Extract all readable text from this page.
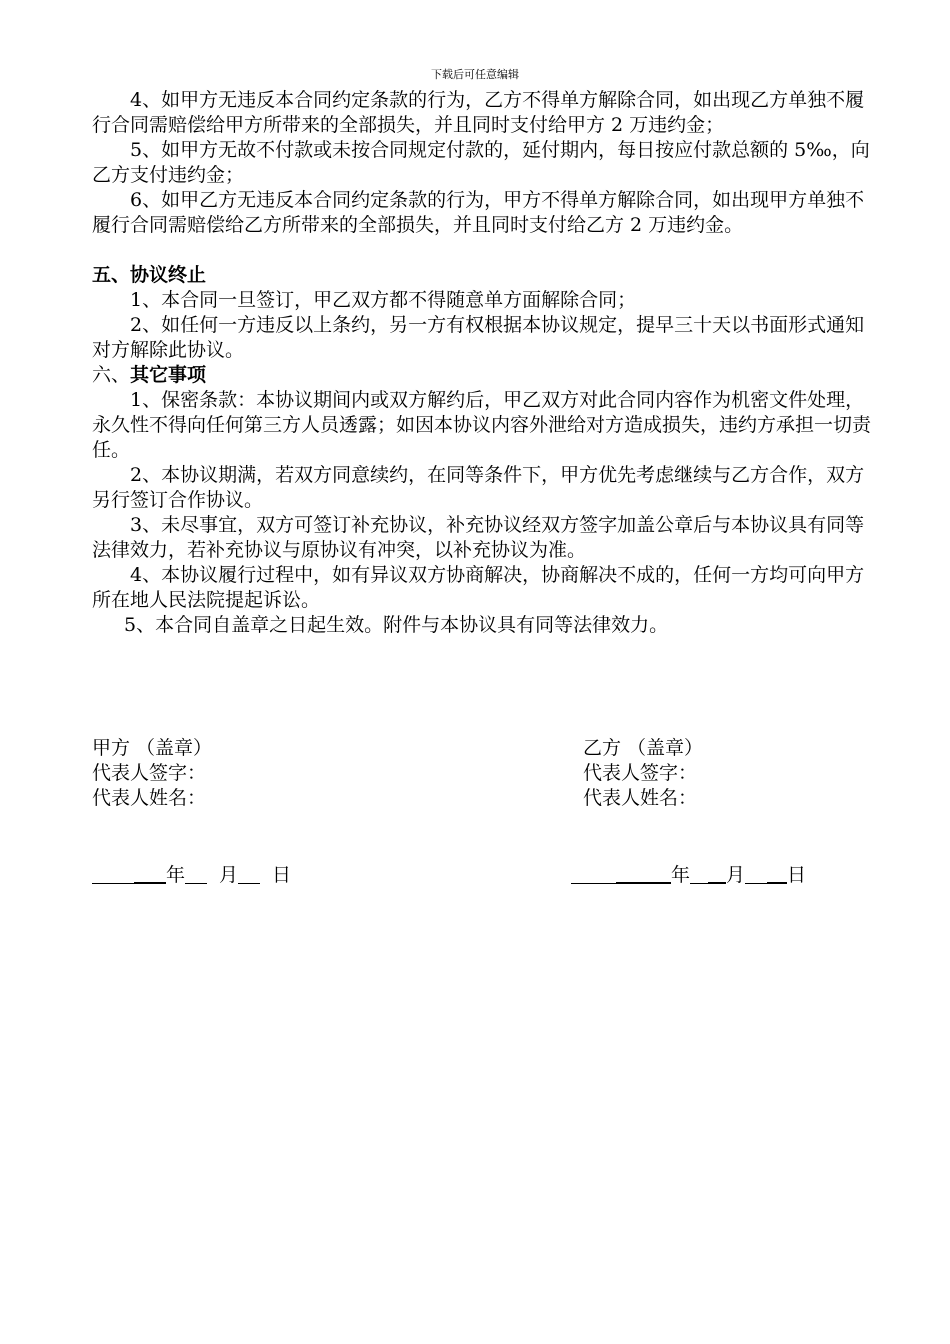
下载后可任意编辑

4、如甲方无违反本合同约定条款的行为，乙方不得单方解除合同，如出现乙方单独不履行合同需赔偿给甲方所带来的全部损失，并且同时支付给甲方 2 万违约金；

5、如甲方无故不付款或未按合同规定付款的，延付期内，每日按应付款总额的 5‰，向乙方支付违约金；

6、如甲乙方无违反本合同约定条款的行为，甲方不得单方解除合同，如出现甲方单独不履行合同需赔偿给乙方所带来的全部损失，并且同时支付给乙方 2 万违约金。

五、协议终止

1、本合同一旦签订，甲乙双方都不得随意单方面解除合同；

2、如任何一方违反以上条约，另一方有权根据本协议规定，提早三十天以书面形式通知对方解除此协议。

六、其它事项

1、保密条款：本协议期间内或双方解约后，甲乙双方对此合同内容作为机密文件处理，永久性不得向任何第三方人员透露；如因本协议内容外泄给对方造成损失，违约方承担一切责任。

2、本协议期满，若双方同意续约，在同等条件下，甲方优先考虑继续与乙方合作，双方另行签订合作协议。

3、未尽事宜，双方可签订补充协议，补充协议经双方签字加盖公章后与本协议具有同等法律效力，若补充协议与原协议有冲突，以补充协议为准。

4、本协议履行过程中，如有异议双方协商解决，协商解决不成的，任何一方均可向甲方所在地人民法院提起诉讼。

5、本合同自盖章之日起生效。附件与本协议具有同等法律效力。

甲方 （盖章）
代表人签字：
代表人姓名：
乙方 （盖章）
代表人签字：
代表人姓名：
年 月 日	年 月 日
